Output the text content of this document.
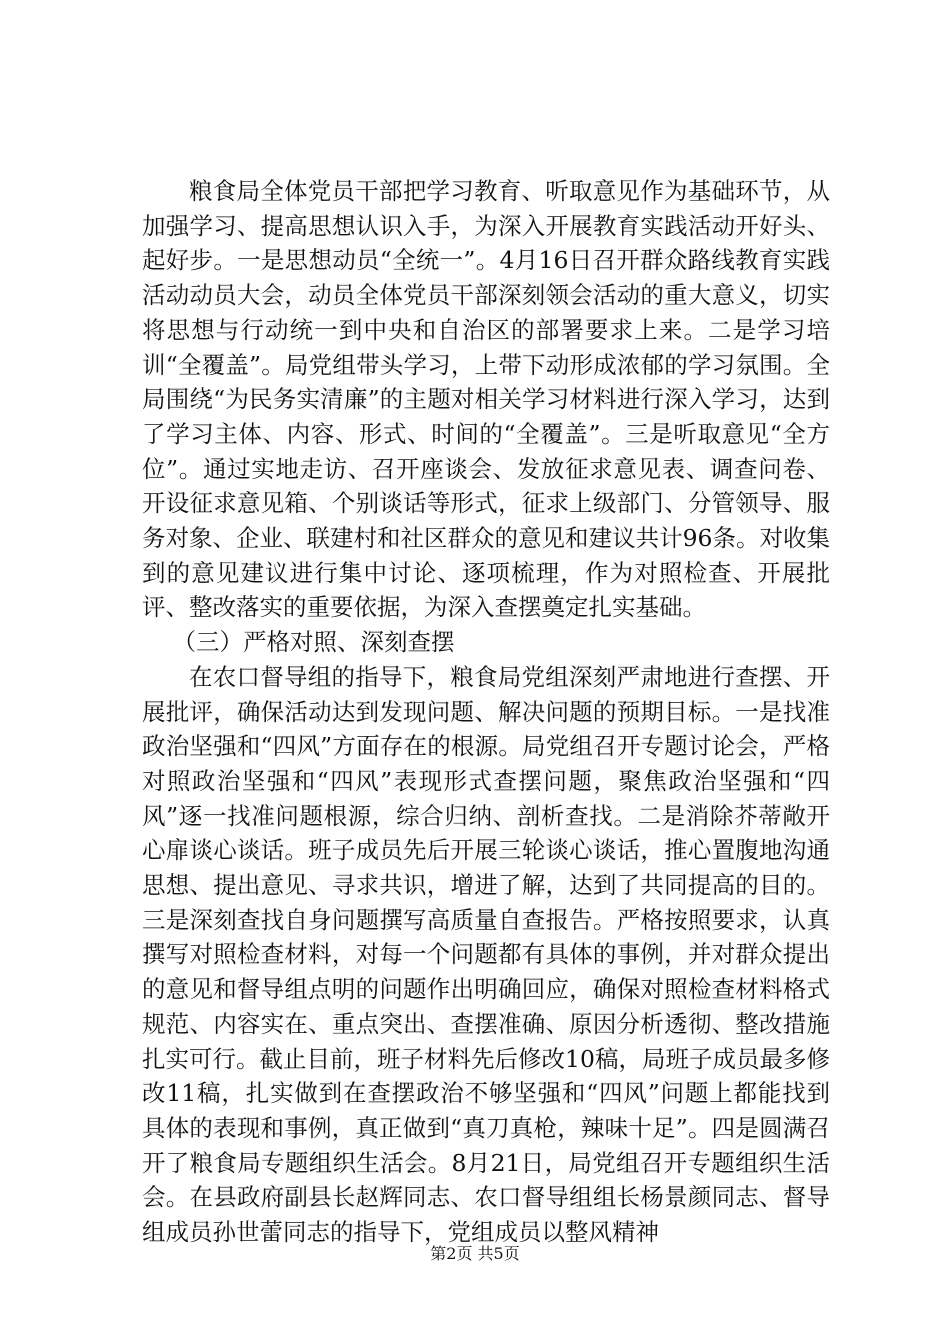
粮食局全体党员干部把学习教育、听取意见作为基础环节，从加强学习、提高思想认识入手，为深入开展教育实践活动开好头、起好步。一是思想动员“全统一”。4月16日召开群众路线教育实践活动动员大会，动员全体党员干部深刻领会活动的重大意义，切实将思想与行动统一到中央和自治区的部署要求上来。二是学习培训“全覆盖”。局党组带头学习，上带下动形成浓郁的学习氛围。全局围绕“为民务实清廉”的主题对相关学习材料进行深入学习，达到了学习主体、内容、形式、时间的“全覆盖”。三是听取意见“全方位”。通过实地走访、召开座谈会、发放征求意见表、调查问卷、开设征求意见箱、个别谈话等形式，征求上级部门、分管领导、服务对象、企业、联建村和社区群众的意见和建议共计96条。对收集到的意见建议进行集中讨论、逐项梳理，作为对照检查、开展批评、整改落实的重要依据，为深入查摆奠定扎实基础。

（三）严格对照、深刻查摆

在农口督导组的指导下，粮食局党组深刻严肃地进行查摆、开展批评，确保活动达到发现问题、解决问题的预期目标。一是找准政治坚强和“四风”方面存在的根源。局党组召开专题讨论会，严格对照政治坚强和“四风”表现形式查摆问题，聚焦政治坚强和“四风”逐一找准问题根源，综合归纳、剖析查找。二是消除芥蒂敞开心扉谈心谈话。班子成员先后开展三轮谈心谈话，推心置腹地沟通思想、提出意见、寻求共识，增进了解，达到了共同提高的目的。三是深刻查找自身问题撰写高质量自查报告。严格按照要求，认真撰写对照检查材料，对每一个问题都有具体的事例，并对群众提出的意见和督导组点明的问题作出明确回应，确保对照检查材料格式规范、内容实在、重点突出、查摆准确、原因分析透彻、整改措施扎实可行。截止目前，班子材料先后修改10稿，局班子成员最多修改11稿，扎实做到在查摆政治不够坚强和“四风”问题上都能找到具体的表现和事例，真正做到“真刀真枪，辣味十足”。四是圆满召开了粮食局专题组织生活会。8月21日，局党组召开专题组织生活会。在县政府副县长赵辉同志、农口督导组组长杨景颜同志、督导组成员孙世蕾同志的指导下，党组成员以整风精神

第2页 共5页
